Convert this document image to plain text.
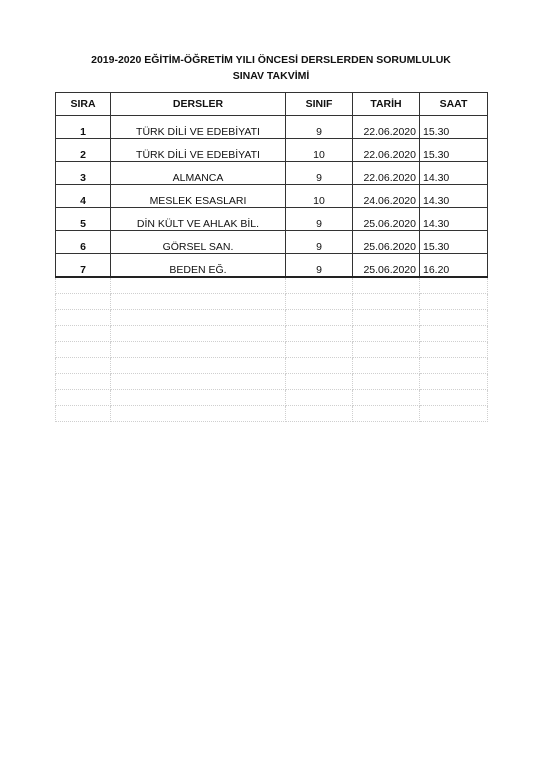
2019-2020 EĞİTİM-ÖĞRETİM YILI ÖNCESİ DERSLERDEN SORUMLULUK
SINAV TAKVİMİ
SIRA	DERSLER	SINIF	TARİH	SAAT
1	TÜRK DİLİ VE EDEBİYATI	9	22.06.2020	15.30
2	TÜRK DİLİ VE EDEBİYATI	10	22.06.2020	15.30
3	ALMANCA	9	22.06.2020	14.30
4	MESLEK ESASLARI	10	24.06.2020	14.30
5	DİN KÜLT VE AHLAK BİL.	9	25.06.2020	14.30
6	GÖRSEL SAN.	9	25.06.2020	15.30
7	BEDEN EĞ.	9	25.06.2020	16.20
